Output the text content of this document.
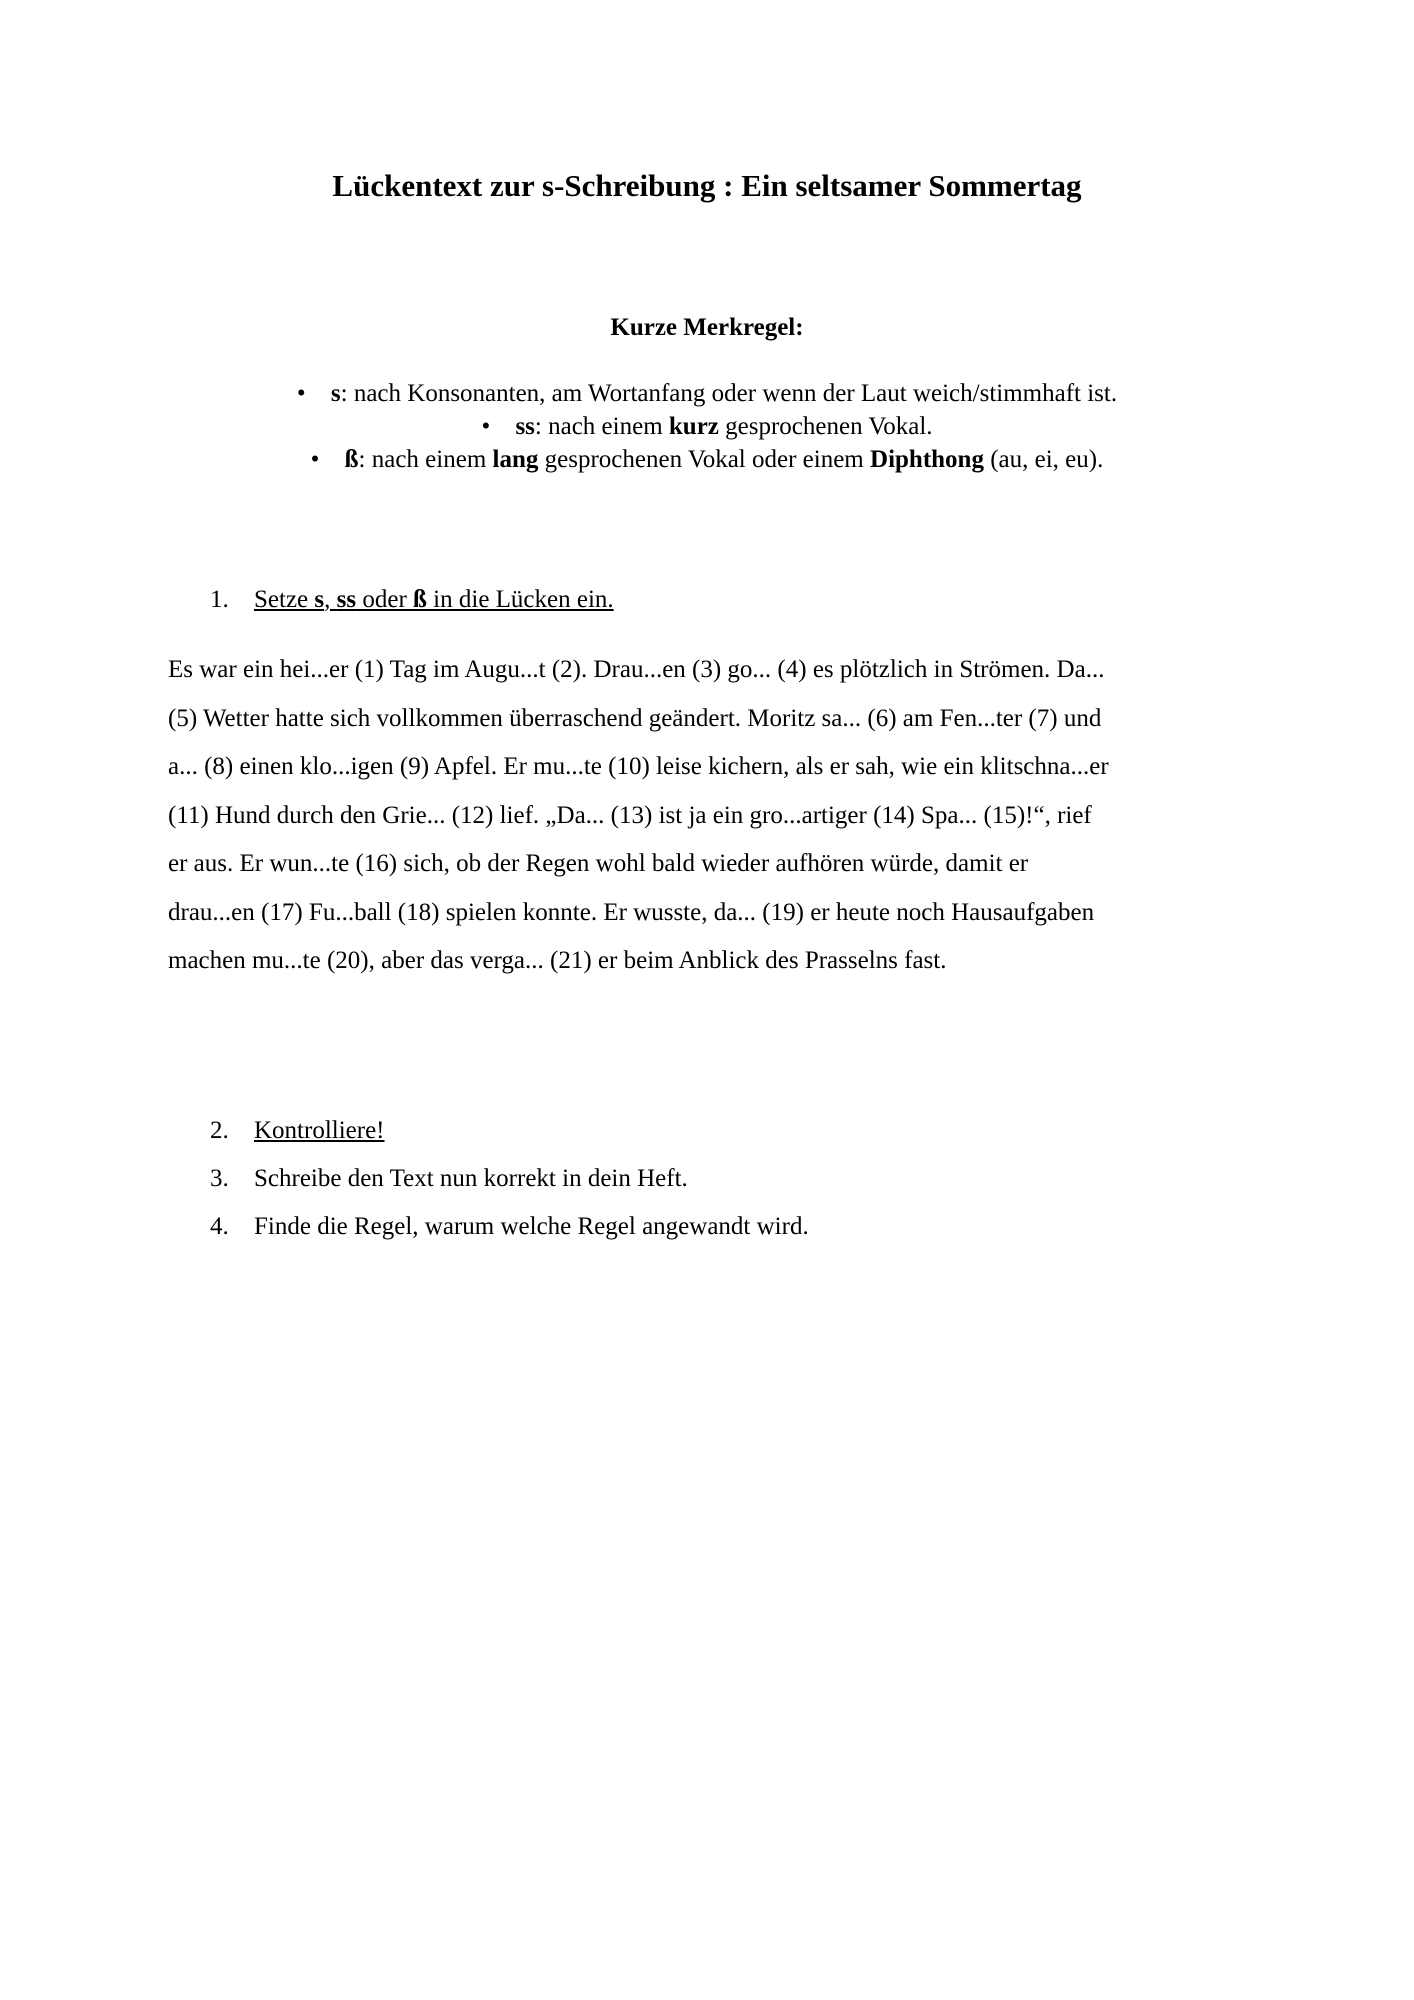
Lückentext zur s-Schreibung : Ein seltsamer Sommertag
Kurze Merkregel:
• s: nach Konsonanten, am Wortanfang oder wenn der Laut weich/stimmhaft ist.
• ss: nach einem kurz gesprochenen Vokal.
• ß: nach einem lang gesprochenen Vokal oder einem Diphthong (au, ei, eu).
1. Setze s, ss oder ß in die Lücken ein.
Es war ein hei...er (1) Tag im Augu...t (2). Drau...en (3) go... (4) es plötzlich in Strömen. Da...
(5) Wetter hatte sich vollkommen überraschend geändert. Moritz sa... (6) am Fen...ter (7) und
a... (8) einen klo...igen (9) Apfel. Er mu...te (10) leise kichern, als er sah, wie ein klitschna...er
(11) Hund durch den Grie... (12) lief. „Da... (13) ist ja ein gro...artiger (14) Spa... (15)!“, rief
er aus. Er wun...te (16) sich, ob der Regen wohl bald wieder aufhören würde, damit er
drau...en (17) Fu...ball (18) spielen konnte. Er wusste, da... (19) er heute noch Hausaufgaben
machen mu...te (20), aber das verga... (21) er beim Anblick des Prasselns fast.
2. Kontrolliere!
3. Schreibe den Text nun korrekt in dein Heft.
4. Finde die Regel, warum welche Regel angewandt wird.
